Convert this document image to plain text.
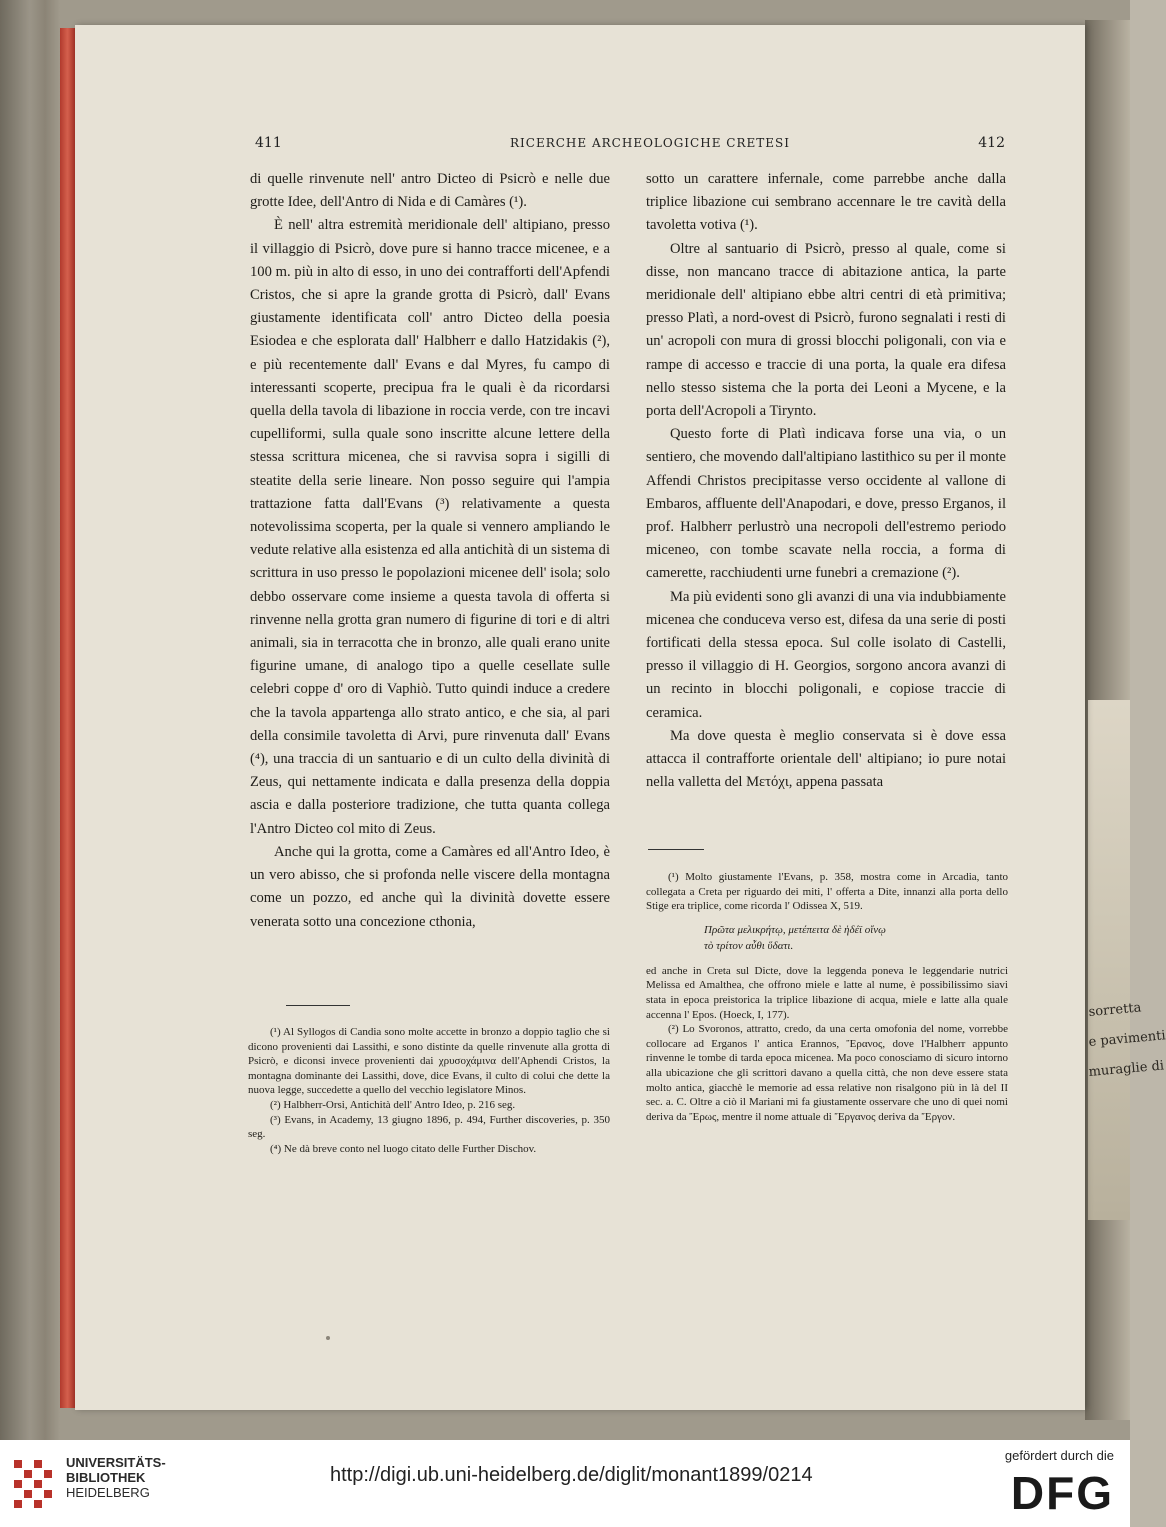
sorretta
e pavimenti
muraglie di
411	RICERCHE ARCHEOLOGICHE CRETESI	412

di quelle rinvenute nell' antro Dicteo di Psicrò e nelle due grotte Idee, dell'Antro di Nida e di Camàres (¹).

È nell' altra estremità meridionale dell' altipiano, presso il villaggio di Psicrò, dove pure si hanno tracce micenee, e a 100 m. più in alto di esso, in uno dei contrafforti dell'Apfendi Cristos, che si apre la grande grotta di Psicrò, dall' Evans giustamente identificata coll' antro Dicteo della poesia Esiodea e che esplorata dall' Halbherr e dallo Hatzidakis (²), e più recentemente dall' Evans e dal Myres, fu campo di interessanti scoperte, precipua fra le quali è da ricordarsi quella della tavola di libazione in roccia verde, con tre incavi cupelliformi, sulla quale sono inscritte alcune lettere della stessa scrittura micenea, che si ravvisa sopra i sigilli di steatite della serie lineare. Non posso seguire qui l'ampia trattazione fatta dall'Evans (³) relativamente a questa notevolissima scoperta, per la quale si vennero ampliando le vedute relative alla esistenza ed alla antichità di un sistema di scrittura in uso presso le popolazioni micenee dell' isola; solo debbo osservare come insieme a questa tavola di offerta si rinvenne nella grotta gran numero di figurine di tori e di altri animali, sia in terracotta che in bronzo, alle quali erano unite figurine umane, di analogo tipo a quelle cesellate sulle celebri coppe d' oro di Vaphiò. Tutto quindi induce a credere che la tavola appartenga allo strato antico, e che sia, al pari della consimile tavoletta di Arvi, pure rinvenuta dall' Evans (⁴), una traccia di un santuario e di un culto della divinità di Zeus, qui nettamente indicata e dalla presenza della doppia ascia e dalla posteriore tradizione, che tutta quanta collega l'Antro Dicteo col mito di Zeus.

Anche qui la grotta, come a Camàres ed all'Antro Ideo, è un vero abisso, che si profonda nelle viscere della montagna come un pozzo, ed anche quì la divinità dovette essere venerata sotto una concezione cthonia,

sotto un carattere infernale, come parrebbe anche dalla triplice libazione cui sembrano accennare le tre cavità della tavoletta votiva (¹).

Oltre al santuario di Psicrò, presso al quale, come si disse, non mancano tracce di abitazione antica, la parte meridionale dell' altipiano ebbe altri centri di età primitiva; presso Platì, a nord-ovest di Psicrò, furono segnalati i resti di un' acropoli con mura di grossi blocchi poligonali, con via e rampe di accesso e traccie di una porta, la quale era difesa nello stesso sistema che la porta dei Leoni a Mycene, e la porta dell'Acropoli a Tirynto.

Questo forte di Platì indicava forse una via, o un sentiero, che movendo dall'altipiano lastithico su per il monte Affendi Christos precipitasse verso occidente al vallone di Embaros, affluente dell'Anapodari, e dove, presso Erganos, il prof. Halbherr perlustrò una necropoli dell'estremo periodo miceneo, con tombe scavate nella roccia, a forma di camerette, racchiudenti urne funebri a cremazione (²).

Ma più evidenti sono gli avanzi di una via indubbiamente micenea che conduceva verso est, difesa da una serie di posti fortificati della stessa epoca. Sul colle isolato di Castelli, presso il villaggio di H. Georgios, sorgono ancora avanzi di un recinto in blocchi poligonali, e copiose traccie di ceramica.

Ma dove questa è meglio conservata si è dove essa attacca il contrafforte orientale dell' altipiano; io pure notai nella valletta del Μετόχι, appena passata

(¹) Al Syllogos di Candia sono molte accette in bronzo a doppio taglio che si dicono provenienti dai Lassithi, e sono distinte da quelle rinvenute alla grotta di Psicrò, e diconsi invece provenienti dai χρυσοχάμινα dell'Aphendi Cristos, la montagna dominante dei Lassithi, dove, dice Evans, il culto di colui che dette la nuova legge, succedette a quello del vecchio legislatore Minos.

(²) Halbherr-Orsi, Antichità dell' Antro Ideo, p. 216 seg.

(³) Evans, in Academy, 13 giugno 1896, p. 494, Further discoveries, p. 350 seg.

(⁴) Ne dà breve conto nel luogo citato delle Further Dischov.

(¹) Molto giustamente l'Evans, p. 358, mostra come in Arcadia, tanto collegata a Creta per riguardo dei miti, l' offerta a Dite, innanzi alla porta dello Stige era triplice, come ricorda l' Odissea X, 519.

Πρῶτα μελικρήτῳ, μετέπειτα δὲ ἡδέϊ οἴνῳ
τὸ τρίτον αὖθι ὕδατι.

ed anche in Creta sul Dicte, dove la leggenda poneva le leggendarie nutrici Melissa ed Amalthea, che offrono miele e latte al nume, è possibilissimo siavi stata in epoca preistorica la triplice libazione di acqua, miele e latte alla quale accenna l' Epos. (Hoeck, I, 177).

(²) Lo Svoronos, attratto, credo, da una certa omofonia del nome, vorrebbe collocare ad Erganos l' antica Erannos, Ἔρανος, dove l'Halbherr appunto rinvenne le tombe di tarda epoca micenea. Ma poco conosciamo di sicuro intorno alla ubicazione che gli scrittori davano a quella città, che non deve essere stata molto antica, giacchè le memorie ad essa relative non risalgono più in là del II sec. a. C. Oltre a ciò il Mariani mi fa giustamente osservare che uno di quei nomi deriva da Ἔρως, mentre il nome attuale di Ἔργανος deriva da Ἔργον.

UNIVERSITÄTS-
BIBLIOTHEK
HEIDELBERG
http://digi.ub.uni-heidelberg.de/diglit/monant1899/0214
gefördert durch die
DFG
